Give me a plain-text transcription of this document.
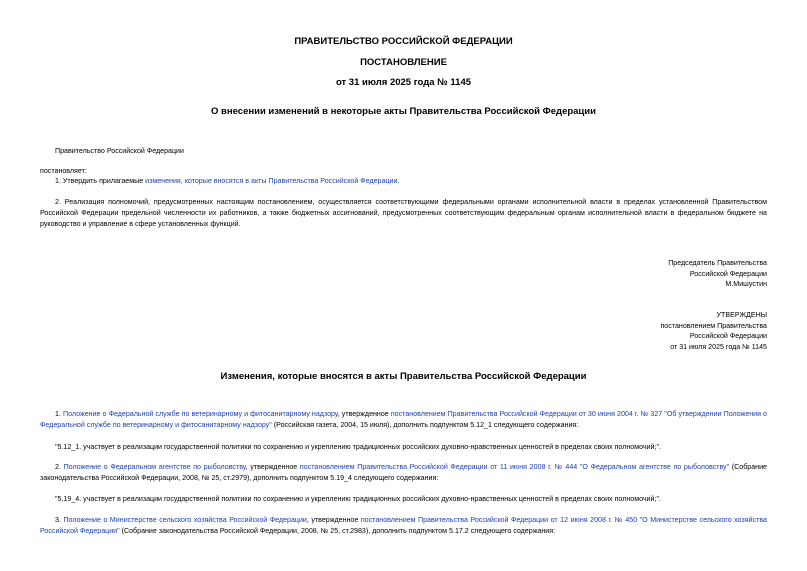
ПРАВИТЕЛЬСТВО РОССИЙСКОЙ ФЕДЕРАЦИИ
ПОСТАНОВЛЕНИЕ
от 31 июля 2025 года № 1145
О внесении изменений в некоторые акты Правительства Российской Федерации
Правительство Российской Федерации
постановляет:
1. Утвердить прилагаемые изменения, которые вносятся в акты Правительства Российской Федерации.
2. Реализация полномочий, предусмотренных настоящим постановлением, осуществляется соответствующими федеральными органами исполнительной власти в пределах установленной Правительством Российской Федерации предельной численности их работников, а также бюджетных ассигнований, предусмотренных соответствующим федеральным органам исполнительной власти в федеральном бюджете на руководство и управление в сфере установленных функций.
Председатель Правительства
Российской Федерации
М.Мишустин
УТВЕРЖДЕНЫ
постановлением Правительства
Российской Федерации
от 31 июля 2025 года № 1145
Изменения, которые вносятся в акты Правительства Российской Федерации
1. Положение о Федеральной службе по ветеринарному и фитосанитарному надзору, утвержденное постановлением Правительства Российской Федерации от 30 июня 2004 г. № 327 "Об утверждении Положения о Федеральной службе по ветеринарному и фитосанитарному надзору" (Российская газета, 2004, 15 июля), дополнить подпунктом 5.12_1 следующего содержания:
"5.12_1. участвует в реализации государственной политики по сохранению и укреплению традиционных российских духовно-нравственных ценностей в пределах своих полномочий;".
2. Положение о Федеральном агентстве по рыболовству, утвержденное постановлением Правительства Российской Федерации от 11 июня 2008 г. № 444 "О Федеральном агентстве по рыболовству" (Собрание законодательства Российской Федерации, 2008, № 25, ст.2979), дополнить подпунктом 5.19_4 следующего содержания:
"5.19_4. участвует в реализации государственной политики по сохранению и укреплению традиционных российских духовно-нравственных ценностей в пределах своих полномочий;".
3. Положение о Министерстве сельского хозяйства Российской Федерации, утвержденное постановлением Правительства Российской Федерации от 12 июня 2008 г. № 450 "О Министерстве сельского хозяйства Российской Федерации" (Собрание законодательства Российской Федерации, 2008, № 25, ст.2983), дополнить подпунктом 5.17.2 следующего содержания:
